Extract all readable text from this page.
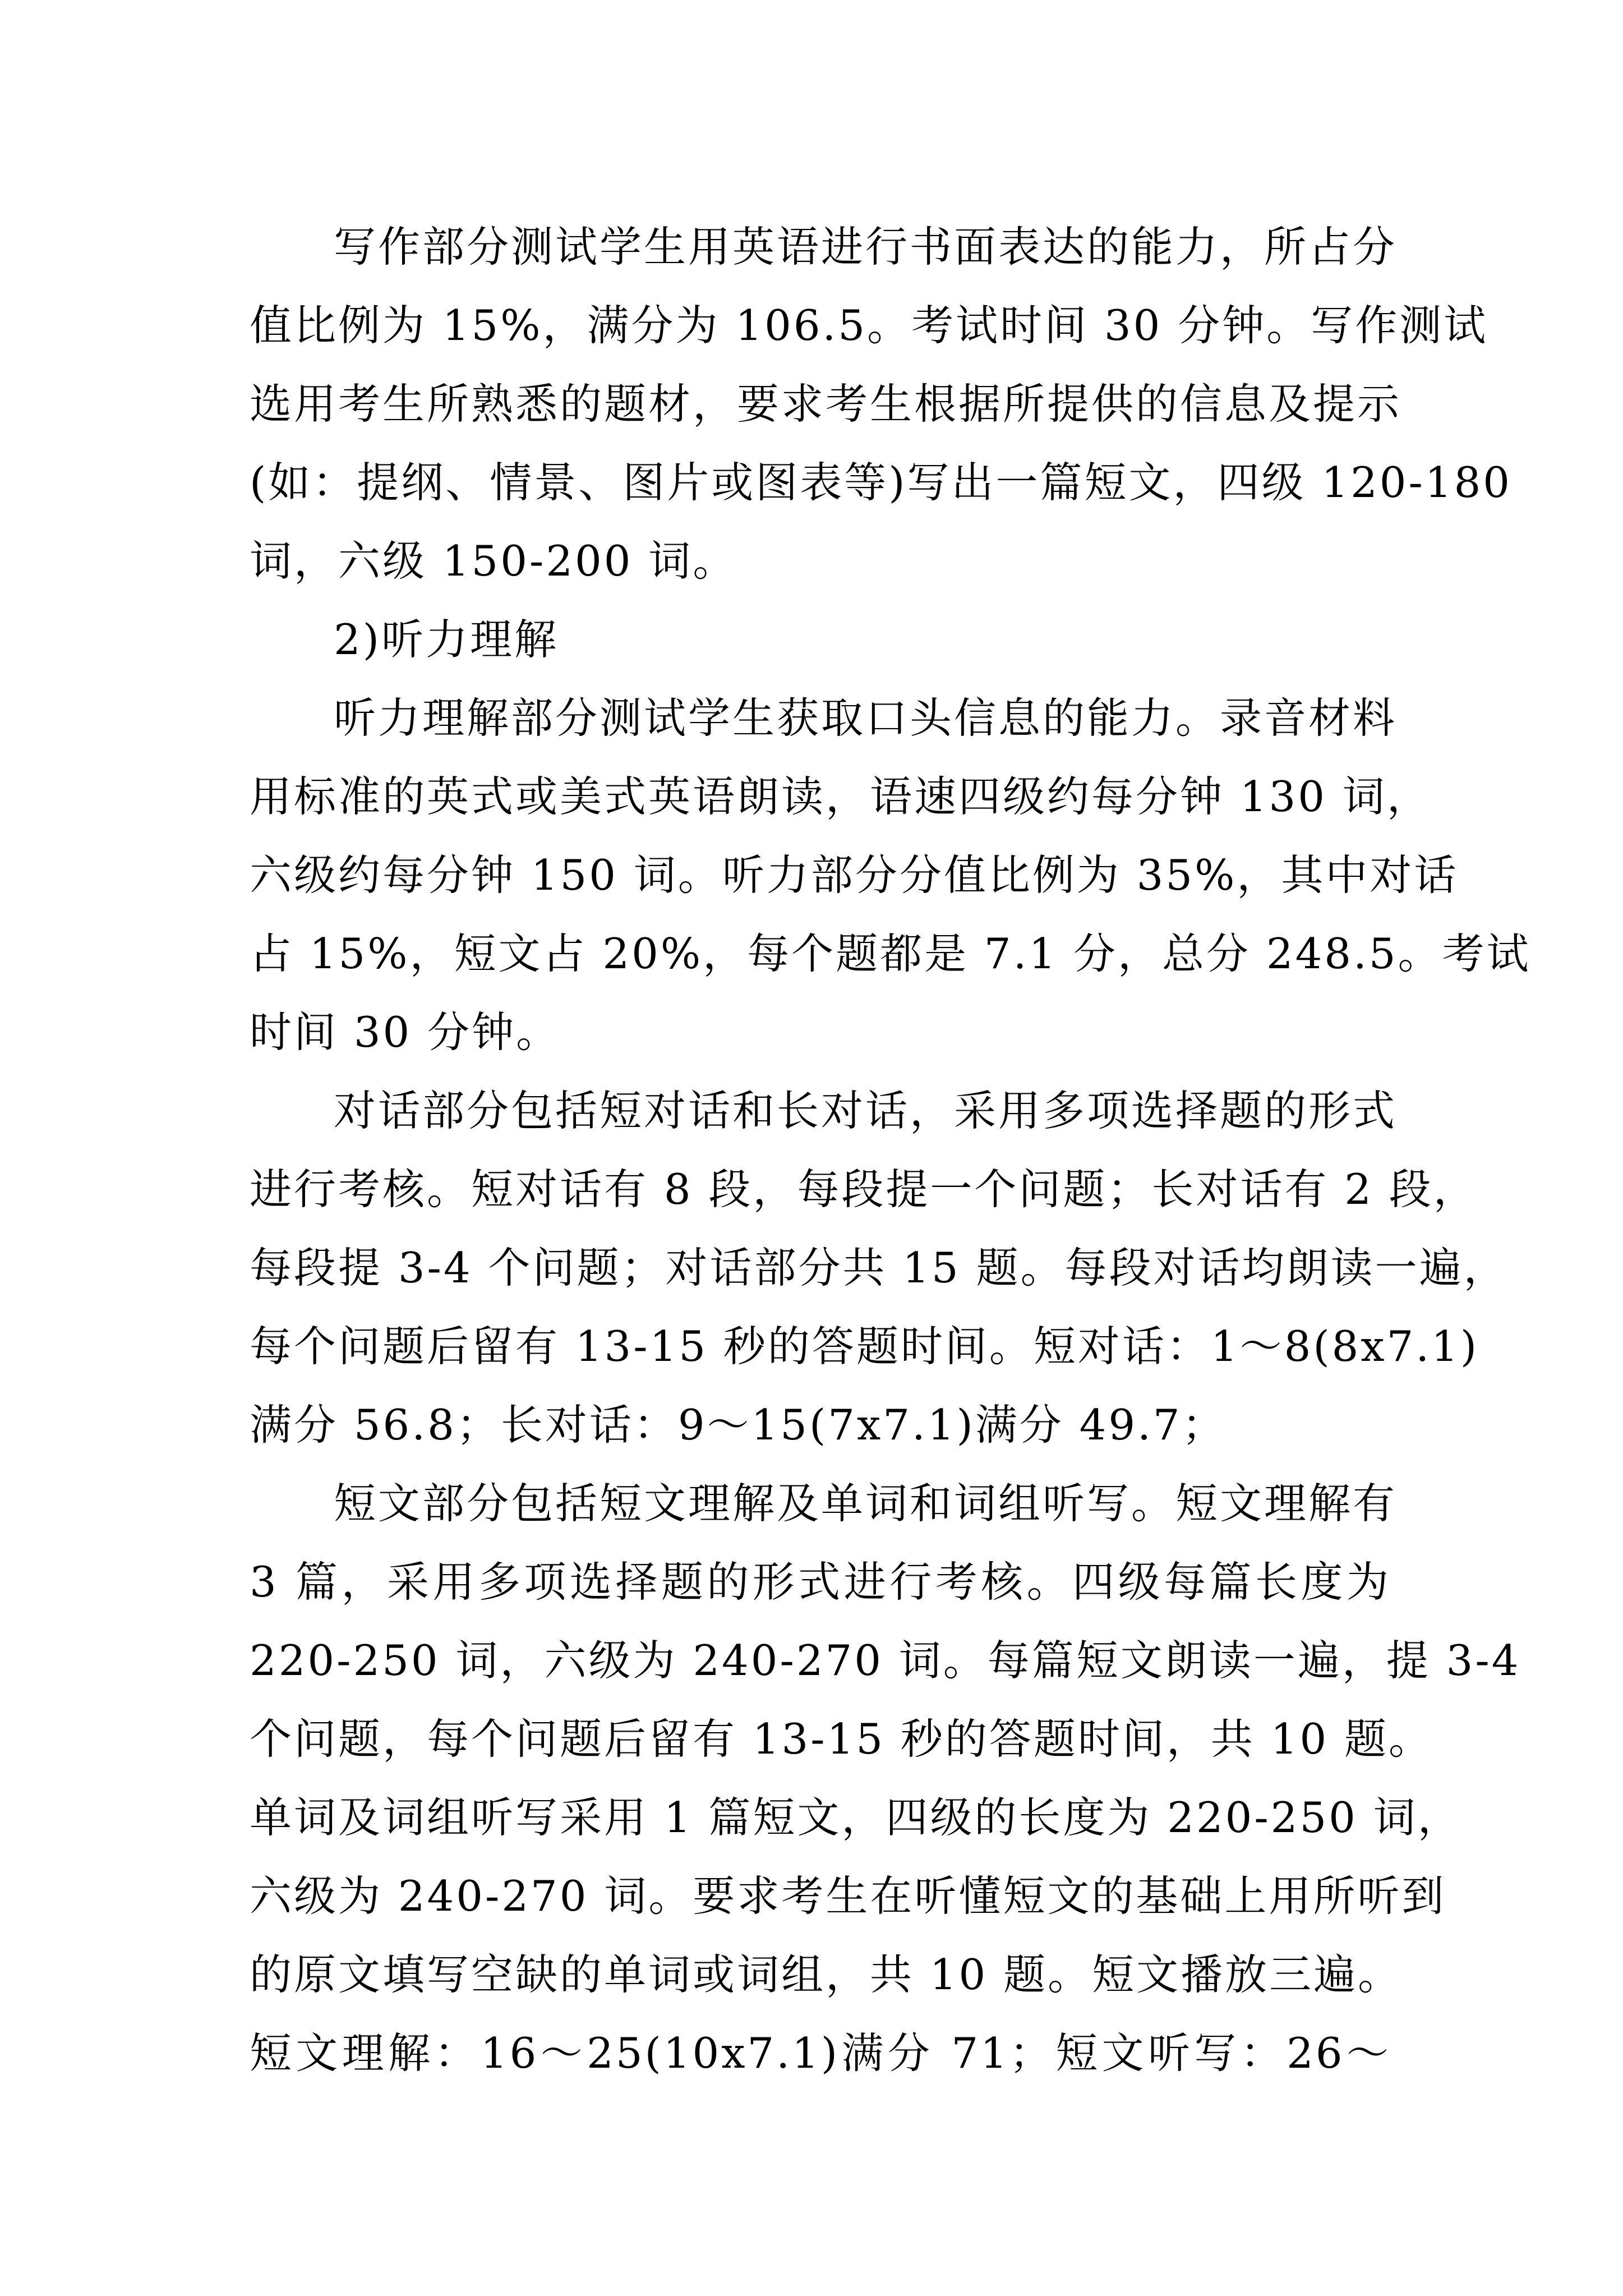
写作部分测试学生用英语进行书面表达的能力，所占分
值比例为 15%，满分为 106.5。考试时间 30 分钟。写作测试
选用考生所熟悉的题材，要求考生根据所提供的信息及提示
(如：提纲、情景、图片或图表等)写出一篇短文，四级 120-180
词，六级 150-200 词。
2)听力理解
听力理解部分测试学生获取口头信息的能力。录音材料
用标准的英式或美式英语朗读，语速四级约每分钟 130 词，
六级约每分钟 150 词。听力部分分值比例为 35%，其中对话
占 15%，短文占 20%，每个题都是 7.1 分，总分 248.5。考试
时间 30 分钟。
对话部分包括短对话和长对话，采用多项选择题的形式
进行考核。短对话有 8 段，每段提一个问题；长对话有 2 段，
每段提 3-4 个问题；对话部分共 15 题。每段对话均朗读一遍，
每个问题后留有 13-15 秒的答题时间。短对话：1～8(8x7.1)
满分 56.8；长对话：9～15(7x7.1)满分 49.7；
短文部分包括短文理解及单词和词组听写。短文理解有
3 篇，采用多项选择题的形式进行考核。四级每篇长度为
220-250 词，六级为 240-270 词。每篇短文朗读一遍，提 3-4
个问题，每个问题后留有 13-15 秒的答题时间，共 10 题。
单词及词组听写采用 1 篇短文，四级的长度为 220-250 词，
六级为 240-270 词。要求考生在听懂短文的基础上用所听到
的原文填写空缺的单词或词组，共 10 题。短文播放三遍。
短文理解：16～25(10x7.1)满分 71；短文听写：26～
